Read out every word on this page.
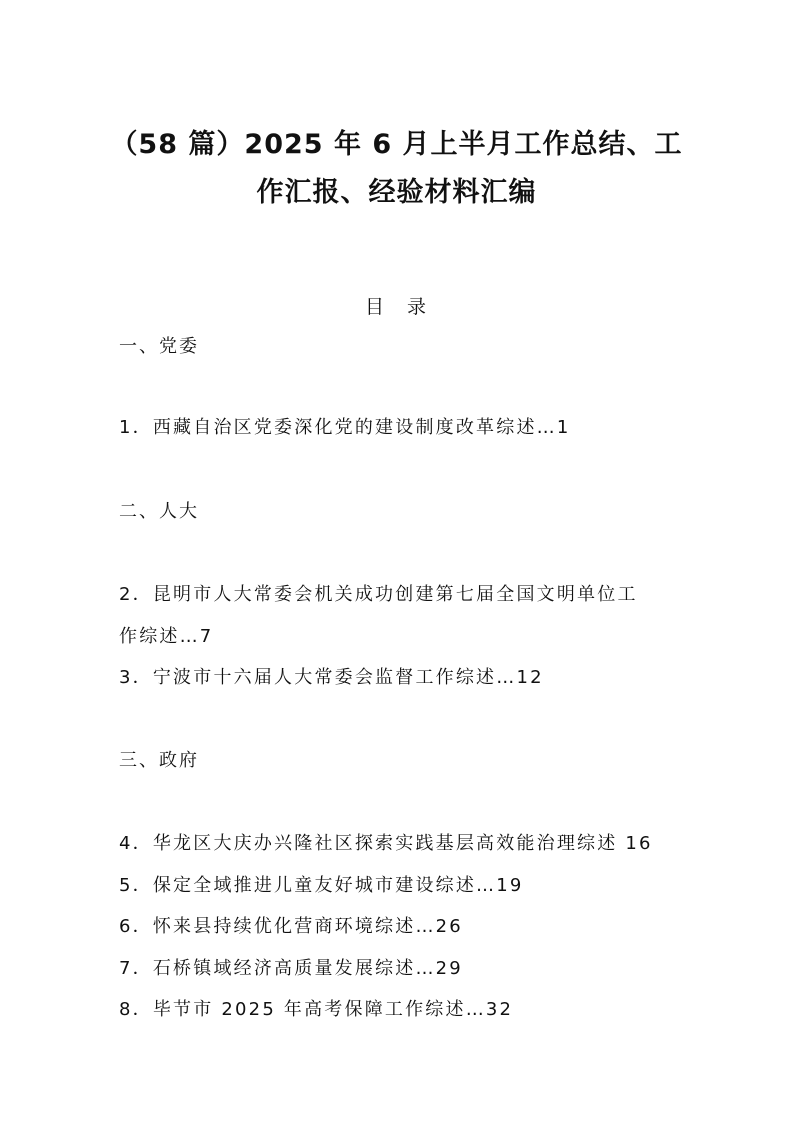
（58 篇）2025 年 6 月上半月工作总结、工
作汇报、经验材料汇编
目　录
一、党委
1．西藏自治区党委深化党的建设制度改革综述…1
二、人大
2．昆明市人大常委会机关成功创建第七届全国文明单位工
作综述…7
3．宁波市十六届人大常委会监督工作综述…12
三、政府
4．华龙区大庆办兴隆社区探索实践基层高效能治理综述 16
5．保定全域推进儿童友好城市建设综述…19
6．怀来县持续优化营商环境综述…26
7．石桥镇域经济高质量发展综述…29
8．毕节市 2025 年高考保障工作综述…32
